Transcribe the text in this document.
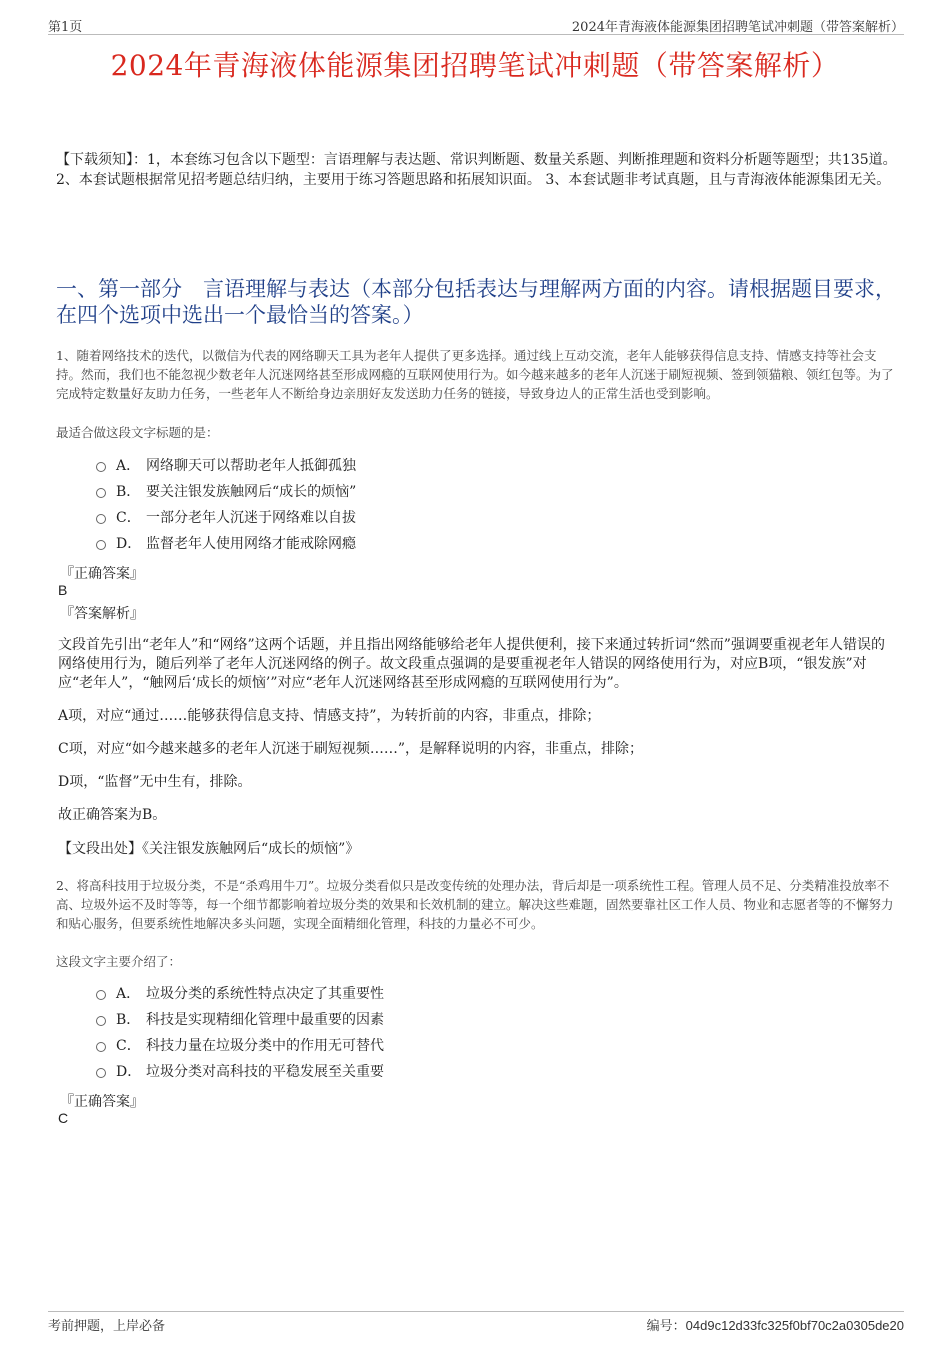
第1页	2024年青海液体能源集团招聘笔试冲刺题（带答案解析）
2024年青海液体能源集团招聘笔试冲刺题（带答案解析）
【下载须知】：1，本套练习包含以下题型：言语理解与表达题、常识判断题、数量关系题、判断推理题和资料分析题等题型；共135道。 2、本套试题根据常见招考题总结归纳，主要用于练习答题思路和拓展知识面。 3、本套试题非考试真题，且与青海液体能源集团无关。
一、第一部分　言语理解与表达（本部分包括表达与理解两方面的内容。请根据题目要求，在四个选项中选出一个最恰当的答案。）
1、随着网络技术的迭代，以微信为代表的网络聊天工具为老年人提供了更多选择。通过线上互动交流，老年人能够获得信息支持、情感支持等社会支持。然而，我们也不能忽视少数老年人沉迷网络甚至形成网瘾的互联网使用行为。如今越来越多的老年人沉迷于刷短视频、签到领猫粮、领红包等。为了完成特定数量好友助力任务，一些老年人不断给身边亲朋好友发送助力任务的链接，导致身边人的正常生活也受到影响。
最适合做这段文字标题的是：
A． 网络聊天可以帮助老年人抵御孤独
B． 要关注银发族触网后“成长的烦恼”
C． 一部分老年人沉迷于网络难以自拔
D． 监督老年人使用网络才能戒除网瘾
『正确答案』
B
『答案解析』
文段首先引出“老年人”和“网络”这两个话题，并且指出网络能够给老年人提供便利，接下来通过转折词“然而”强调要重视老年人错误的网络使用行为，随后列举了老年人沉迷网络的例子。故文段重点强调的是要重视老年人错误的网络使用行为，对应B项，“银发族”对应“老年人”，“触网后‘成长的烦恼’”对应“老年人沉迷网络甚至形成网瘾的互联网使用行为”。
A项，对应“通过……能够获得信息支持、情感支持”，为转折前的内容，非重点，排除；
C项，对应“如今越来越多的老年人沉迷于刷短视频……”，是解释说明的内容，非重点，排除；
D项，“监督”无中生有，排除。
故正确答案为B。
【文段出处】《关注银发族触网后“成长的烦恼”》
2、将高科技用于垃圾分类，不是“杀鸡用牛刀”。垃圾分类看似只是改变传统的处理办法，背后却是一项系统性工程。管理人员不足、分类精准投放率不高、垃圾外运不及时等等，每一个细节都影响着垃圾分类的效果和长效机制的建立。解决这些难题，固然要靠社区工作人员、物业和志愿者等的不懈努力和贴心服务，但要系统性地解决多头问题，实现全面精细化管理，科技的力量必不可少。
这段文字主要介绍了：
A． 垃圾分类的系统性特点决定了其重要性
B． 科技是实现精细化管理中最重要的因素
C． 科技力量在垃圾分类中的作用无可替代
D． 垃圾分类对高科技的平稳发展至关重要
『正确答案』
C
考前押题，上岸必备	编号：04d9c12d33fc325f0bf70c2a0305de20
